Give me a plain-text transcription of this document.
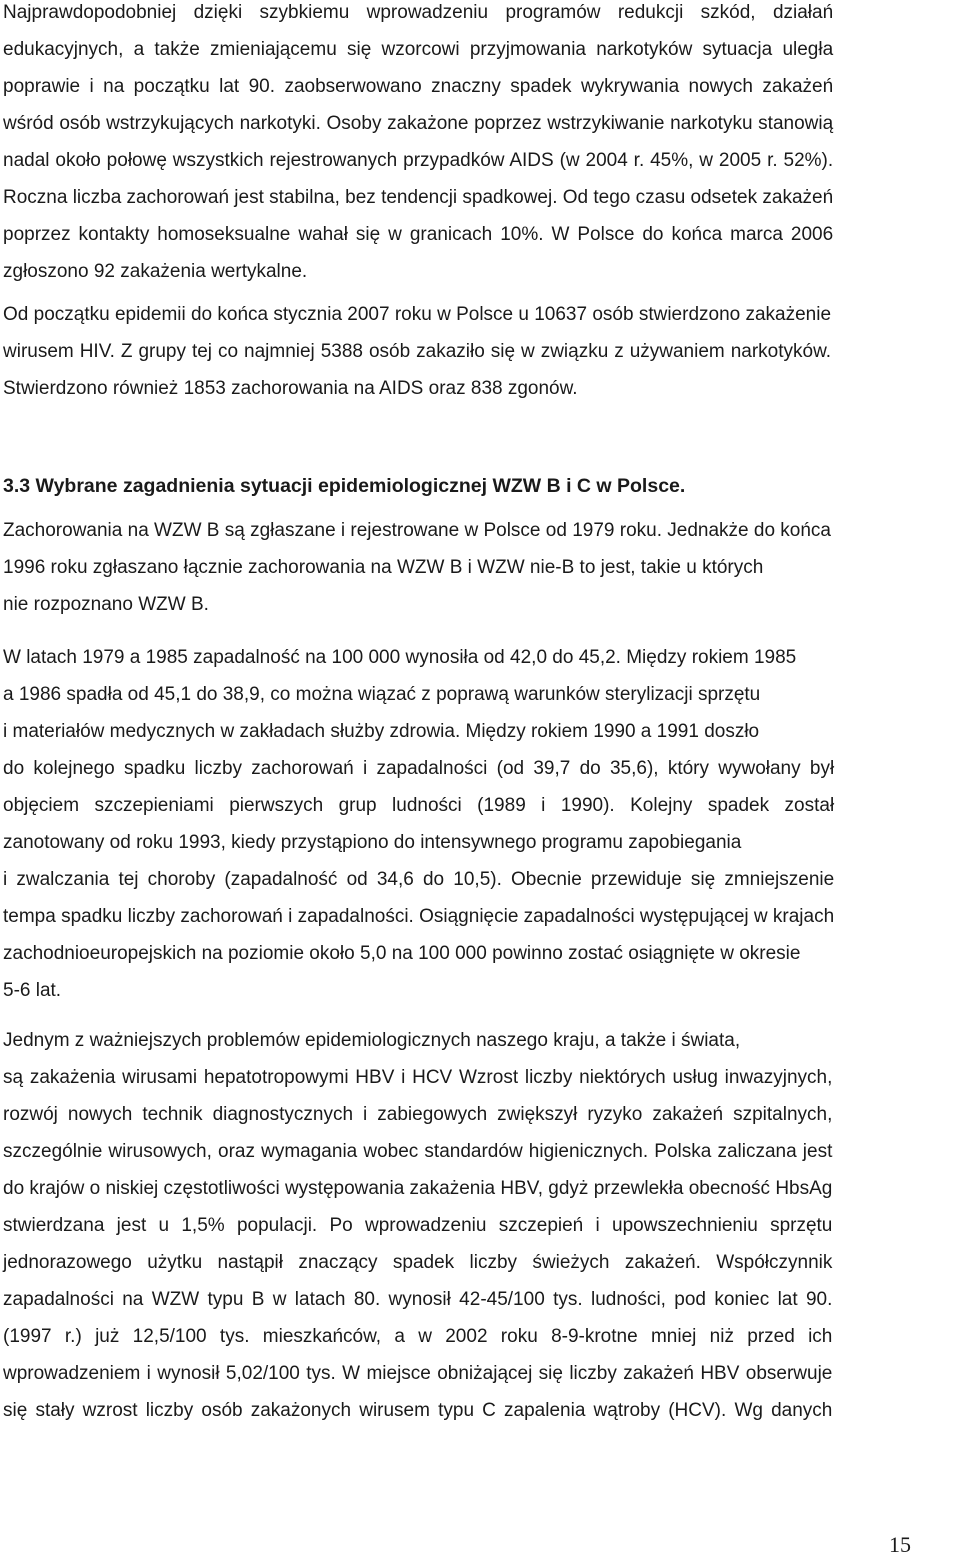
Najprawdopodobniej dzięki szybkiemu wprowadzeniu programów redukcji szkód, działań
edukacyjnych, a także zmieniającemu się wzorcowi przyjmowania narkotyków sytuacja uległa
poprawie i na początku lat 90. zaobserwowano znaczny spadek wykrywania nowych zakażeń
wśród osób wstrzykujących narkotyki. Osoby zakażone poprzez wstrzykiwanie narkotyku stanowią
nadal około połowę wszystkich rejestrowanych przypadków AIDS (w 2004 r. 45%, w 2005 r. 52%).
Roczna liczba zachorowań jest stabilna, bez tendencji spadkowej. Od tego czasu odsetek zakażeń
poprzez kontakty homoseksualne wahał się w granicach 10%. W Polsce do końca marca 2006
zgłoszono 92 zakażenia wertykalne.
Od początku epidemii do końca stycznia 2007 roku w Polsce u 10637 osób stwierdzono zakażenie
wirusem HIV. Z grupy tej co najmniej 5388 osób zakaziło się w związku z używaniem narkotyków.
Stwierdzono również 1853 zachorowania na AIDS oraz 838 zgonów.
3.3 Wybrane zagadnienia sytuacji epidemiologicznej WZW B i C w Polsce.
Zachorowania na WZW B są zgłaszane i rejestrowane w Polsce od 1979 roku. Jednakże do końca
1996 roku zgłaszano łącznie zachorowania na WZW B i WZW nie-B to jest, takie u których
nie rozpoznano WZW B.
W latach 1979 a 1985 zapadalność na 100 000 wynosiła od 42,0 do 45,2. Między rokiem 1985
a 1986 spadła od 45,1 do 38,9, co można wiązać z poprawą warunków sterylizacji sprzętu
i materiałów medycznych w zakładach służby zdrowia. Między rokiem 1990 a 1991 doszło
do kolejnego spadku liczby zachorowań i zapadalności (od 39,7 do 35,6), który wywołany był
objęciem szczepieniami pierwszych grup ludności (1989 i 1990). Kolejny spadek został
zanotowany od roku 1993, kiedy przystąpiono do intensywnego programu zapobiegania
i zwalczania tej choroby (zapadalność od 34,6 do 10,5). Obecnie przewiduje się zmniejszenie
tempa spadku liczby zachorowań i zapadalności. Osiągnięcie zapadalności występującej w krajach
zachodnioeuropejskich na poziomie około 5,0 na 100 000 powinno zostać osiągnięte w okresie
5-6 lat.
Jednym z ważniejszych problemów epidemiologicznych naszego kraju, a także i świata,
są zakażenia wirusami hepatotropowymi HBV i HCV Wzrost liczby niektórych usług inwazyjnych,
rozwój nowych technik diagnostycznych i zabiegowych zwiększył ryzyko zakażeń szpitalnych,
szczególnie wirusowych, oraz wymagania wobec standardów higienicznych. Polska zaliczana jest
do krajów o niskiej częstotliwości występowania zakażenia HBV, gdyż przewlekła obecność HbsAg
stwierdzana jest u 1,5% populacji. Po wprowadzeniu szczepień i upowszechnieniu sprzętu
jednorazowego użytku nastąpił znaczący spadek liczby świeżych zakażeń. Współczynnik
zapadalności na WZW typu B w latach 80. wynosił 42-45/100 tys. ludności, pod koniec lat 90.
(1997 r.) już 12,5/100 tys. mieszkańców, a w 2002 roku 8-9-krotne mniej niż przed ich
wprowadzeniem i wynosił 5,02/100 tys. W miejsce obniżającej się liczby zakażeń HBV obserwuje
się stały wzrost liczby osób zakażonych wirusem typu C zapalenia wątroby (HCV). Wg danych
15
